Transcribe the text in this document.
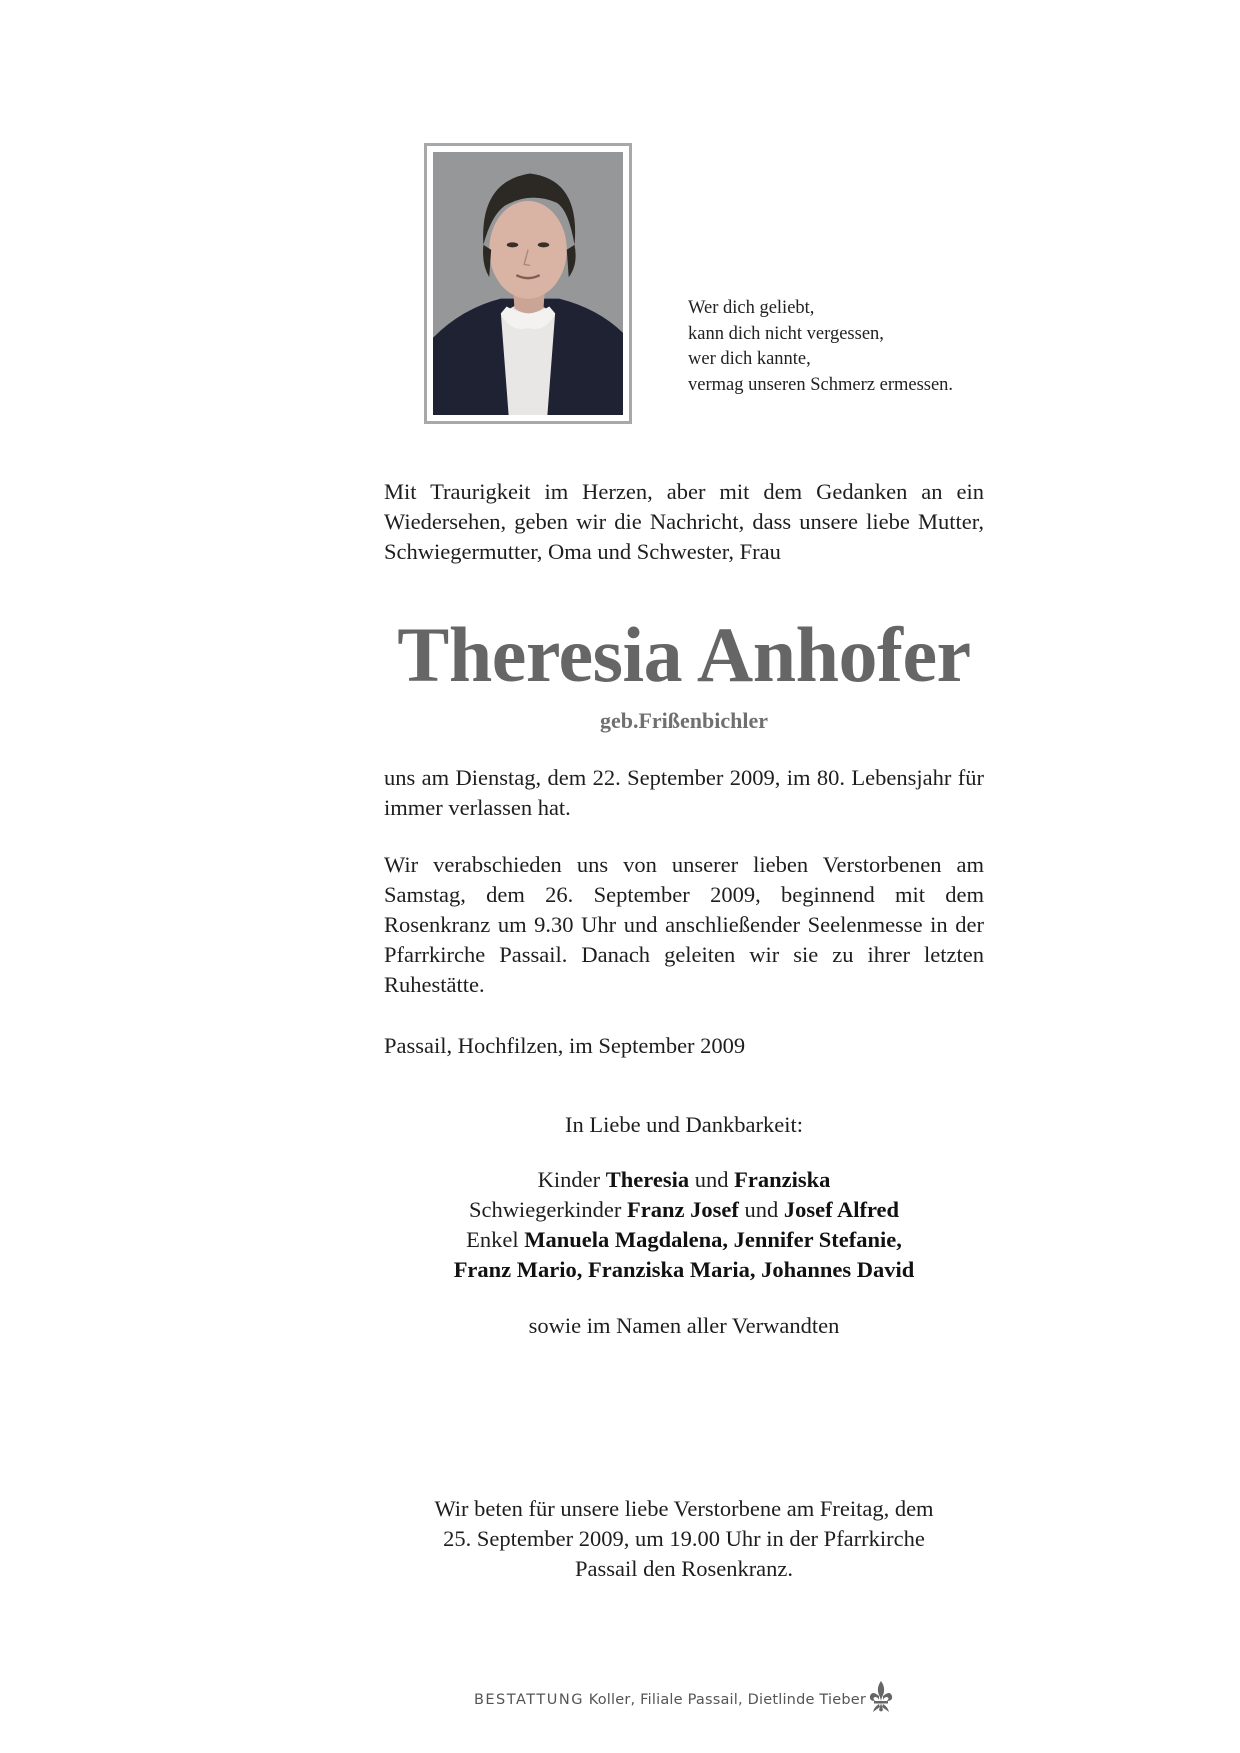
Wer dich geliebt,
kann dich nicht vergessen,
wer dich kannte,
vermag unseren Schmerz ermessen.
Mit Traurigkeit im Herzen, aber mit dem Gedanken an ein Wiedersehen, geben wir die Nachricht, dass unsere liebe Mutter, Schwiegermutter, Oma und Schwester, Frau
Theresia Anhofer
geb.Frißenbichler
uns am Dienstag, dem 22. September 2009, im 80. Lebensjahr für immer verlassen hat.
Wir verabschieden uns von unserer lieben Verstorbenen am Samstag, dem 26. September 2009, beginnend mit dem Rosenkranz um 9.30 Uhr und anschließender Seelenmesse in der Pfarrkirche Passail. Danach geleiten wir sie zu ihrer letzten Ruhestätte.
Passail, Hochfilzen, im September 2009
In Liebe und Dankbarkeit:
Kinder Theresia und Franziska
Schwiegerkinder Franz Josef und Josef Alfred
Enkel Manuela Magdalena, Jennifer Stefanie,
Franz Mario, Franziska Maria, Johannes David
sowie im Namen aller Verwandten
Wir beten für unsere liebe Verstorbene am Freitag, dem
25. September 2009, um 19.00 Uhr in der Pfarrkirche
Passail den Rosenkranz.
BESTATTUNG Koller, Filiale Passail, Dietlinde Tieber
